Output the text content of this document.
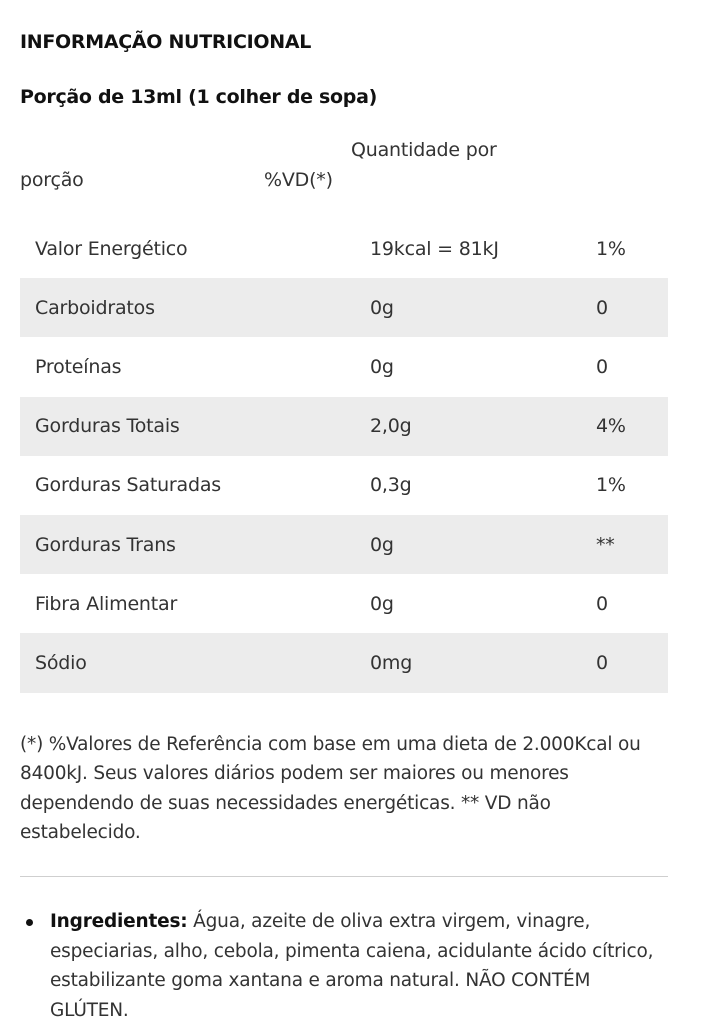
INFORMAÇÃO NUTRICIONAL
Porção de 13ml (1 colher de sopa)
Quantidade por
porção	%VD(*)
Valor Energético	19kcal = 81kJ	1%
Carboidratos	0g	0
Proteínas	0g	0
Gorduras Totais	2,0g	4%
Gorduras Saturadas	0,3g	1%
Gorduras Trans	0g	**
Fibra Alimentar	0g	0
Sódio	0mg	0

(*) %Valores de Referência com base em uma dieta de 2.000Kcal ou 8400kJ. Seus valores diários podem ser maiores ou menores dependendo de suas necessidades energéticas. ** VD não estabelecido.

Ingredientes: Água, azeite de oliva extra virgem, vinagre, especiarias, alho, cebola, pimenta caiena, acidulante ácido cítrico, estabilizante goma xantana e aroma natural. NÃO CONTÉM GLÚTEN.
